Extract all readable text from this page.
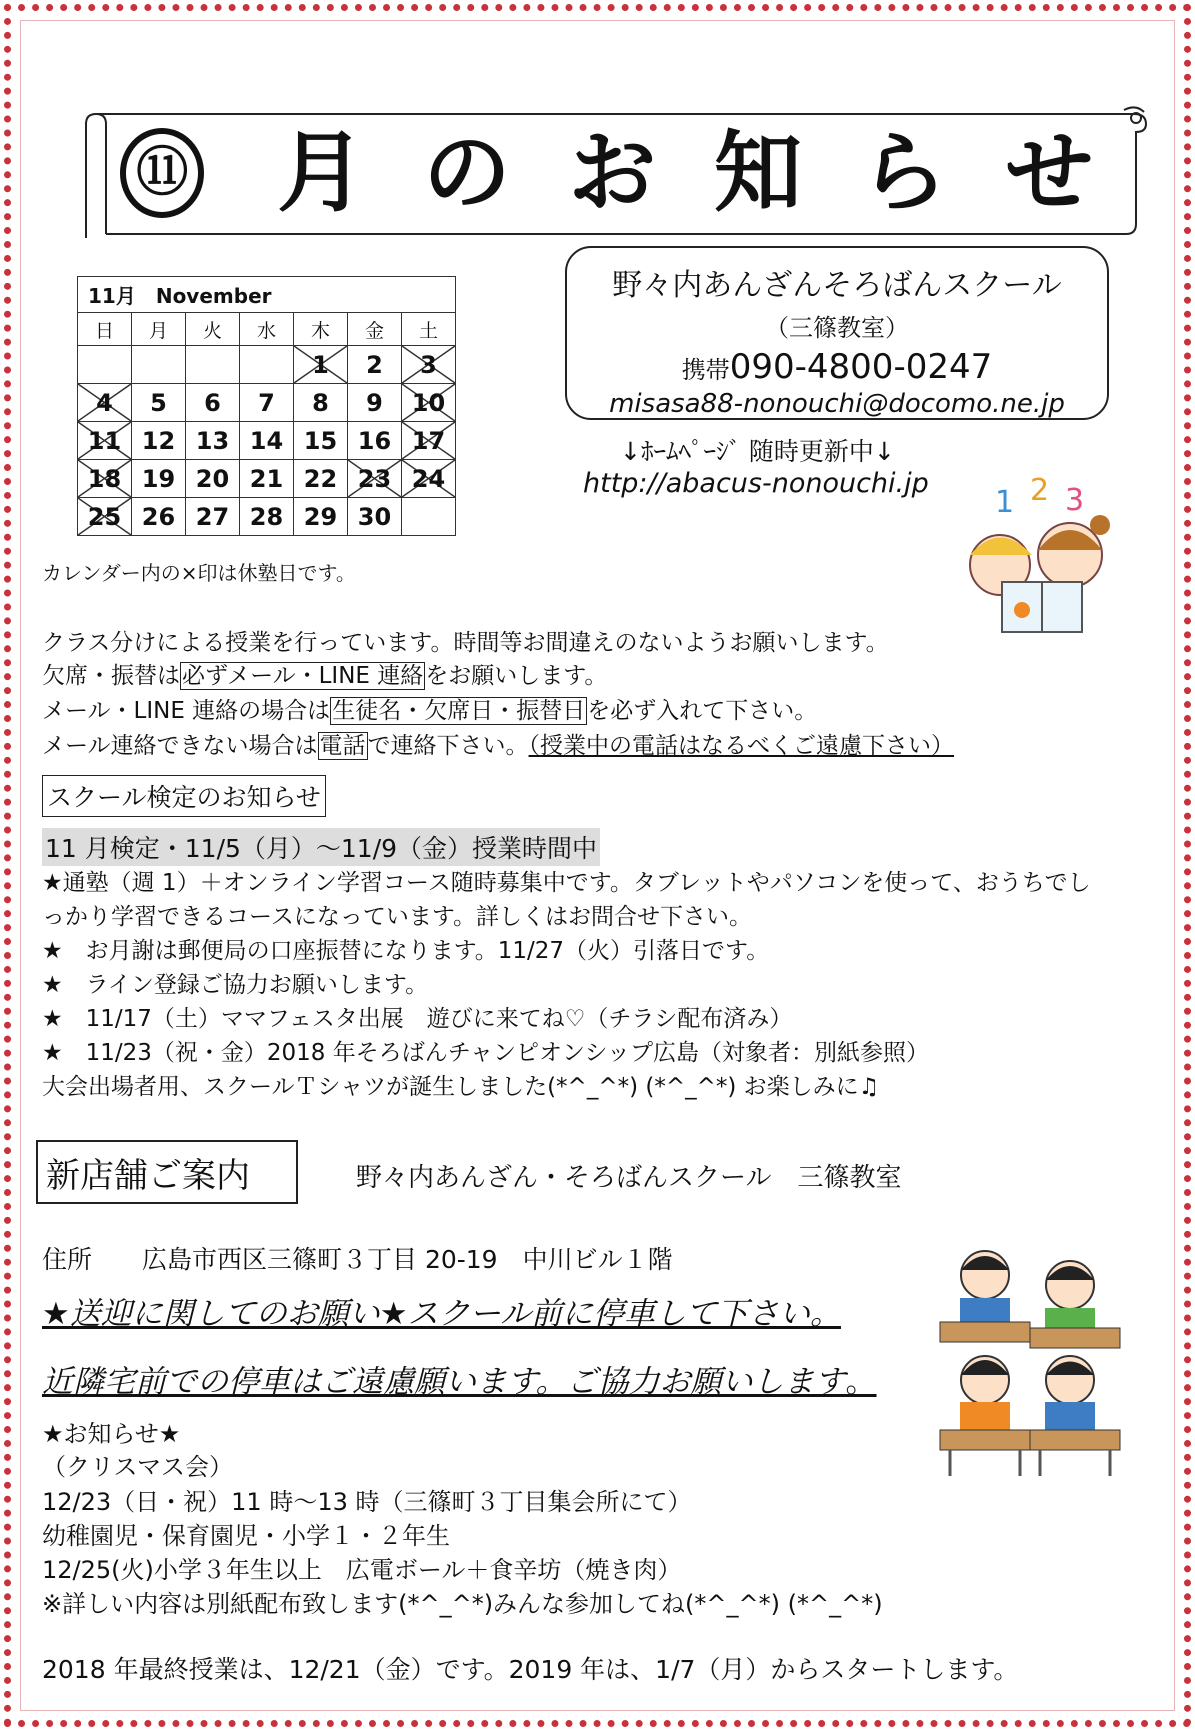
⑪ 月 の お 知 ら せ
11月　November						
日	月	火	水	木	金	土
				1	2	3

4	5	6	7	8	9	10

11	12	13	14	15	16	17

18	19	20	21	22	23	24

25	26	27	28	29	30	
カレンダー内の×印は休塾日です。
野々内あんざんそろばんスクール
（三篠教室）
携帯090-4800-0247
misasa88-nonouchi@docomo.ne.jp
↓ﾎｰﾑﾍﾟｰｼﾞ 随時更新中↓
http://abacus-nonouchi.jp
1 2 3
クラス分けによる授業を行っています。時間等お間違えのないようお願いします。
欠席・振替は必ずメール・LINE 連絡をお願いします。
メール・LINE 連絡の場合は生徒名・欠席日・振替日を必ず入れて下さい。
メール連絡できない場合は電話で連絡下さい。（授業中の電話はなるべくご遠慮下さい）
スクール検定のお知らせ
11 月検定・11/5（月）～11/9（金）授業時間中
★通塾（週 1）＋オンライン学習コース随時募集中です。タブレットやパソコンを使って、おうちでし
っかり学習できるコースになっています。詳しくはお問合せ下さい。
★　お月謝は郵便局の口座振替になります。11/27（火）引落日です。
★　ライン登録ご協力お願いします。
★　11/17（土）ママフェスタ出展　遊びに来てね♡（チラシ配布済み）
★　11/23（祝・金）2018 年そろばんチャンピオンシップ広島（対象者：別紙参照）
大会出場者用、スクールＴシャツが誕生しました(*^_^*) (*^_^*) お楽しみに♫
新店舗ご案内	野々内あんざん・そろばんスクール　三篠教室
住所　　広島市西区三篠町３丁目 20-19　中川ビル１階
★送迎に関してのお願い★スクール前に停車して下さい。
近隣宅前での停車はご遠慮願います。ご協力お願いします。
★お知らせ★
（クリスマス会）
12/23（日・祝）11 時～13 時（三篠町３丁目集会所にて）
幼稚園児・保育園児・小学１・２年生
12/25(火)小学３年生以上　広電ボール＋食辛坊（焼き肉）
※詳しい内容は別紙配布致します(*^_^*)みんな参加してね(*^_^*) (*^_^*)
2018 年最終授業は、12/21（金）です。2019 年は、1/7（月）からスタートします。
